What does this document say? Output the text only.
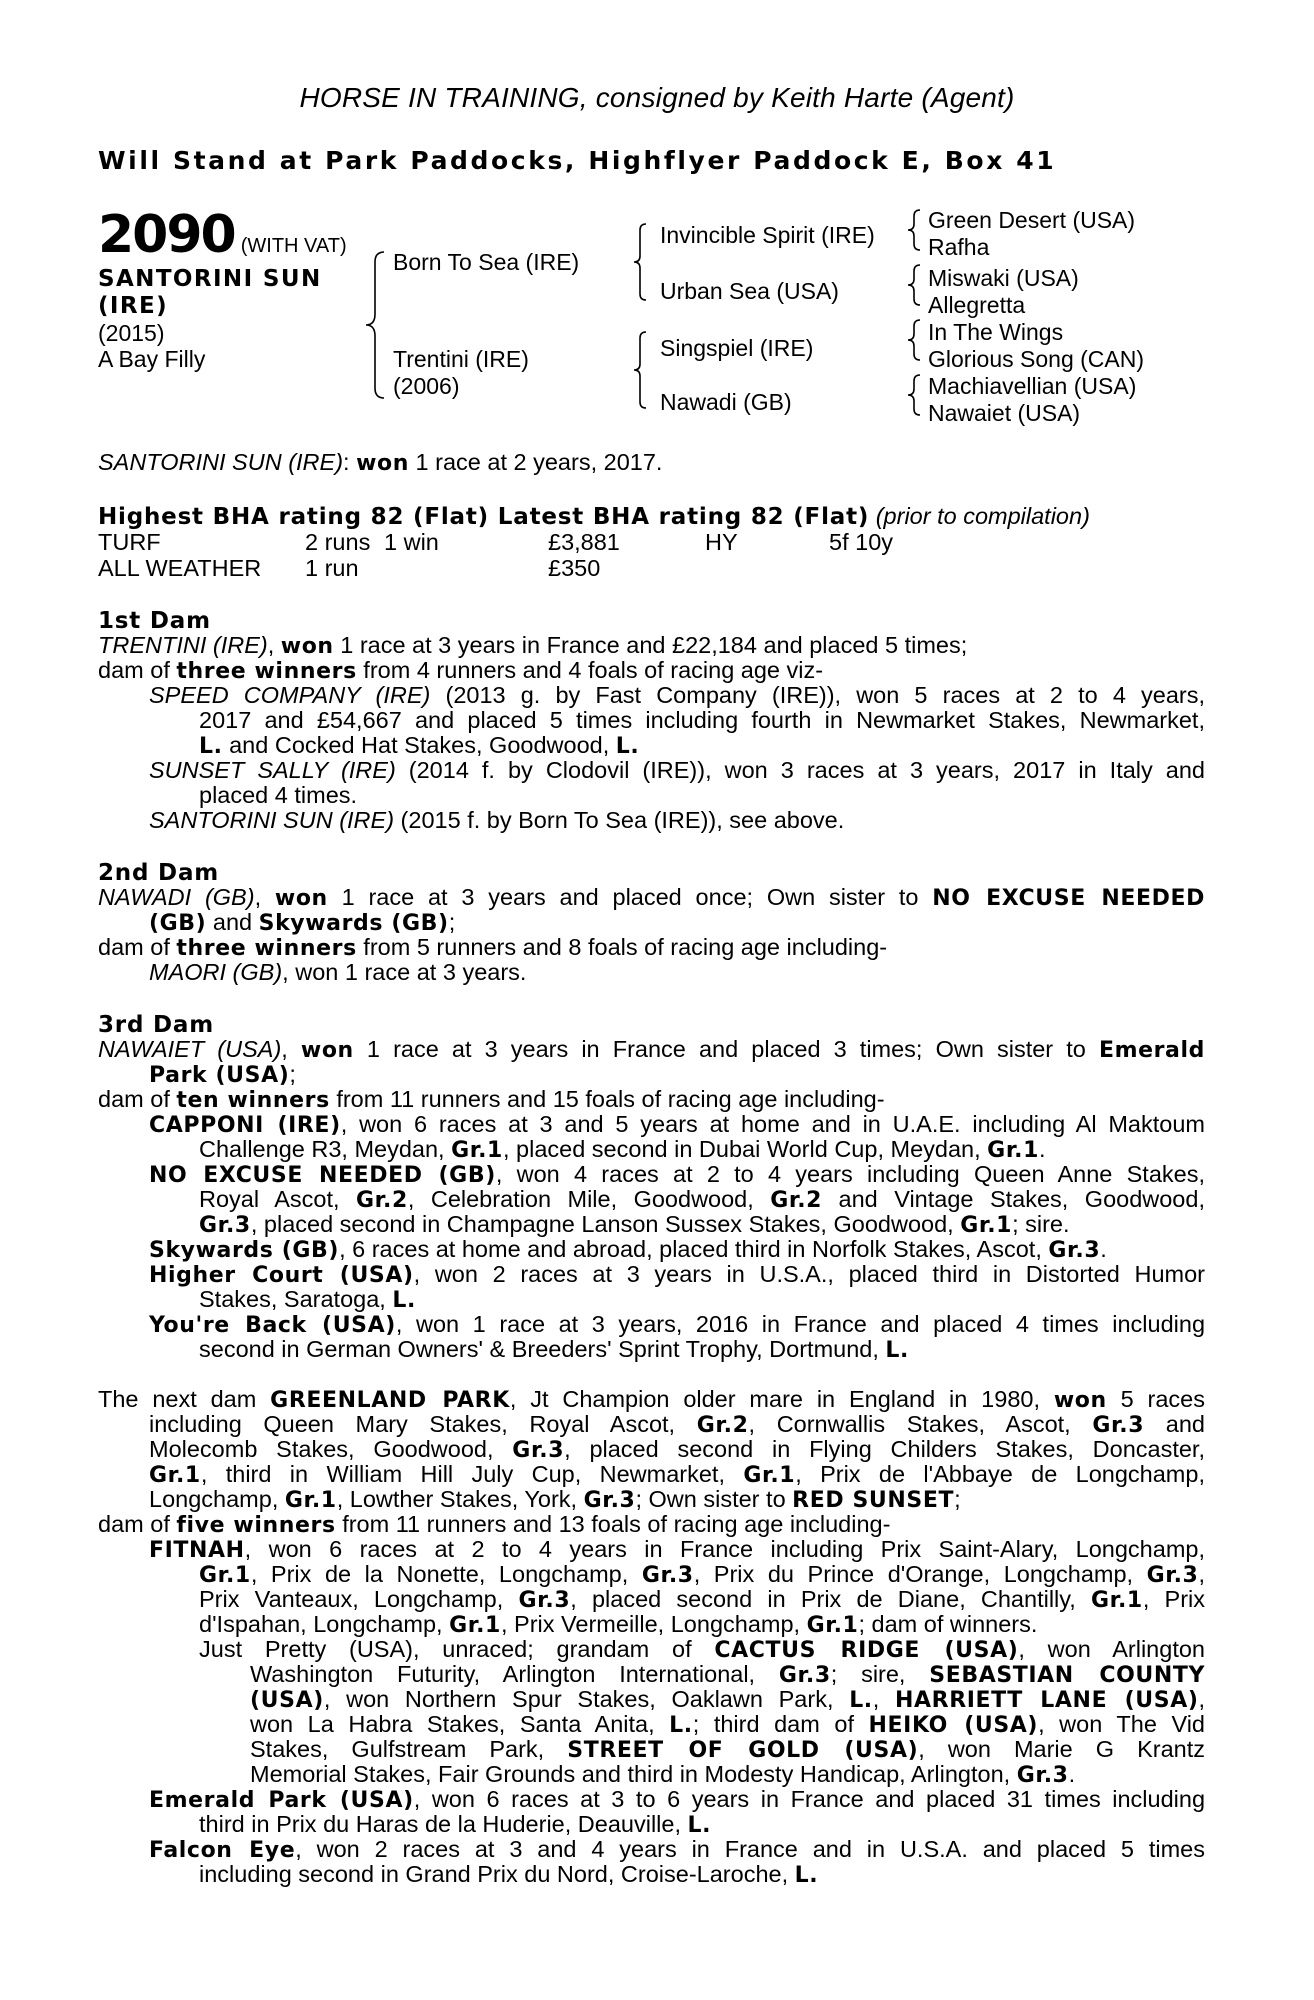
HORSE IN TRAINING, consigned by Keith Harte (Agent)
Will Stand at Park Paddocks, Highflyer Paddock E, Box 41
2090 (WITH VAT)
SANTORINI SUN
(IRE)
(2015)
A Bay Filly
Born To Sea (IRE)
Trentini (IRE)
(2006)
Invincible Spirit (IRE)
Urban Sea (USA)
Singspiel (IRE)
Nawadi (GB)
Green Desert (USA)
Rafha
Miswaki (USA)
Allegretta
In The Wings
Glorious Song (CAN)
Machiavellian (USA)
Nawaiet (USA)
SANTORINI SUN (IRE): won 1 race at 2 years, 2017.
Highest BHA rating 82 (Flat) Latest BHA rating 82 (Flat) (prior to compilation)
TURF	2 runs 1 win	£3,881	HY	5f 10y
ALL WEATHER 1 run	£350
1st Dam
TRENTINI (IRE), won 1 race at 3 years in France and £22,184 and placed 5 times;
dam of three winners from 4 runners and 4 foals of racing age viz-
SPEED COMPANY (IRE) (2013 g. by Fast Company (IRE)), won 5 races at 2 to 4 years,
2017 and £54,667 and placed 5 times including fourth in Newmarket Stakes, Newmarket,
L. and Cocked Hat Stakes, Goodwood, L.
SUNSET SALLY (IRE) (2014 f. by Clodovil (IRE)), won 3 races at 3 years, 2017 in Italy and
placed 4 times.
SANTORINI SUN (IRE) (2015 f. by Born To Sea (IRE)), see above.
2nd Dam
NAWADI (GB), won 1 race at 3 years and placed once; Own sister to NO EXCUSE NEEDED
(GB) and Skywards (GB);
dam of three winners from 5 runners and 8 foals of racing age including-
MAORI (GB), won 1 race at 3 years.
3rd Dam
NAWAIET (USA), won 1 race at 3 years in France and placed 3 times; Own sister to Emerald
Park (USA);
dam of ten winners from 11 runners and 15 foals of racing age including-
CAPPONI (IRE), won 6 races at 3 and 5 years at home and in U.A.E. including Al Maktoum
Challenge R3, Meydan, Gr.1, placed second in Dubai World Cup, Meydan, Gr.1.
NO EXCUSE NEEDED (GB), won 4 races at 2 to 4 years including Queen Anne Stakes,
Royal Ascot, Gr.2, Celebration Mile, Goodwood, Gr.2 and Vintage Stakes, Goodwood,
Gr.3, placed second in Champagne Lanson Sussex Stakes, Goodwood, Gr.1; sire.
Skywards (GB), 6 races at home and abroad, placed third in Norfolk Stakes, Ascot, Gr.3.
Higher Court (USA), won 2 races at 3 years in U.S.A., placed third in Distorted Humor
Stakes, Saratoga, L.
You're Back (USA), won 1 race at 3 years, 2016 in France and placed 4 times including
second in German Owners' & Breeders' Sprint Trophy, Dortmund, L.
The next dam GREENLAND PARK, Jt Champion older mare in England in 1980, won 5 races
including Queen Mary Stakes, Royal Ascot, Gr.2, Cornwallis Stakes, Ascot, Gr.3 and
Molecomb Stakes, Goodwood, Gr.3, placed second in Flying Childers Stakes, Doncaster,
Gr.1, third in William Hill July Cup, Newmarket, Gr.1, Prix de l'Abbaye de Longchamp,
Longchamp, Gr.1, Lowther Stakes, York, Gr.3; Own sister to RED SUNSET;
dam of five winners from 11 runners and 13 foals of racing age including-
FITNAH, won 6 races at 2 to 4 years in France including Prix Saint-Alary, Longchamp,
Gr.1, Prix de la Nonette, Longchamp, Gr.3, Prix du Prince d'Orange, Longchamp, Gr.3,
Prix Vanteaux, Longchamp, Gr.3, placed second in Prix de Diane, Chantilly, Gr.1, Prix
d'Ispahan, Longchamp, Gr.1, Prix Vermeille, Longchamp, Gr.1; dam of winners.
Just Pretty (USA), unraced; grandam of CACTUS RIDGE (USA), won Arlington
Washington Futurity, Arlington International, Gr.3; sire, SEBASTIAN COUNTY
(USA), won Northern Spur Stakes, Oaklawn Park, L., HARRIETT LANE (USA),
won La Habra Stakes, Santa Anita, L.; third dam of HEIKO (USA), won The Vid
Stakes, Gulfstream Park, STREET OF GOLD (USA), won Marie G Krantz
Memorial Stakes, Fair Grounds and third in Modesty Handicap, Arlington, Gr.3.
Emerald Park (USA), won 6 races at 3 to 6 years in France and placed 31 times including
third in Prix du Haras de la Huderie, Deauville, L.
Falcon Eye, won 2 races at 3 and 4 years in France and in U.S.A. and placed 5 times
including second in Grand Prix du Nord, Croise-Laroche, L.
